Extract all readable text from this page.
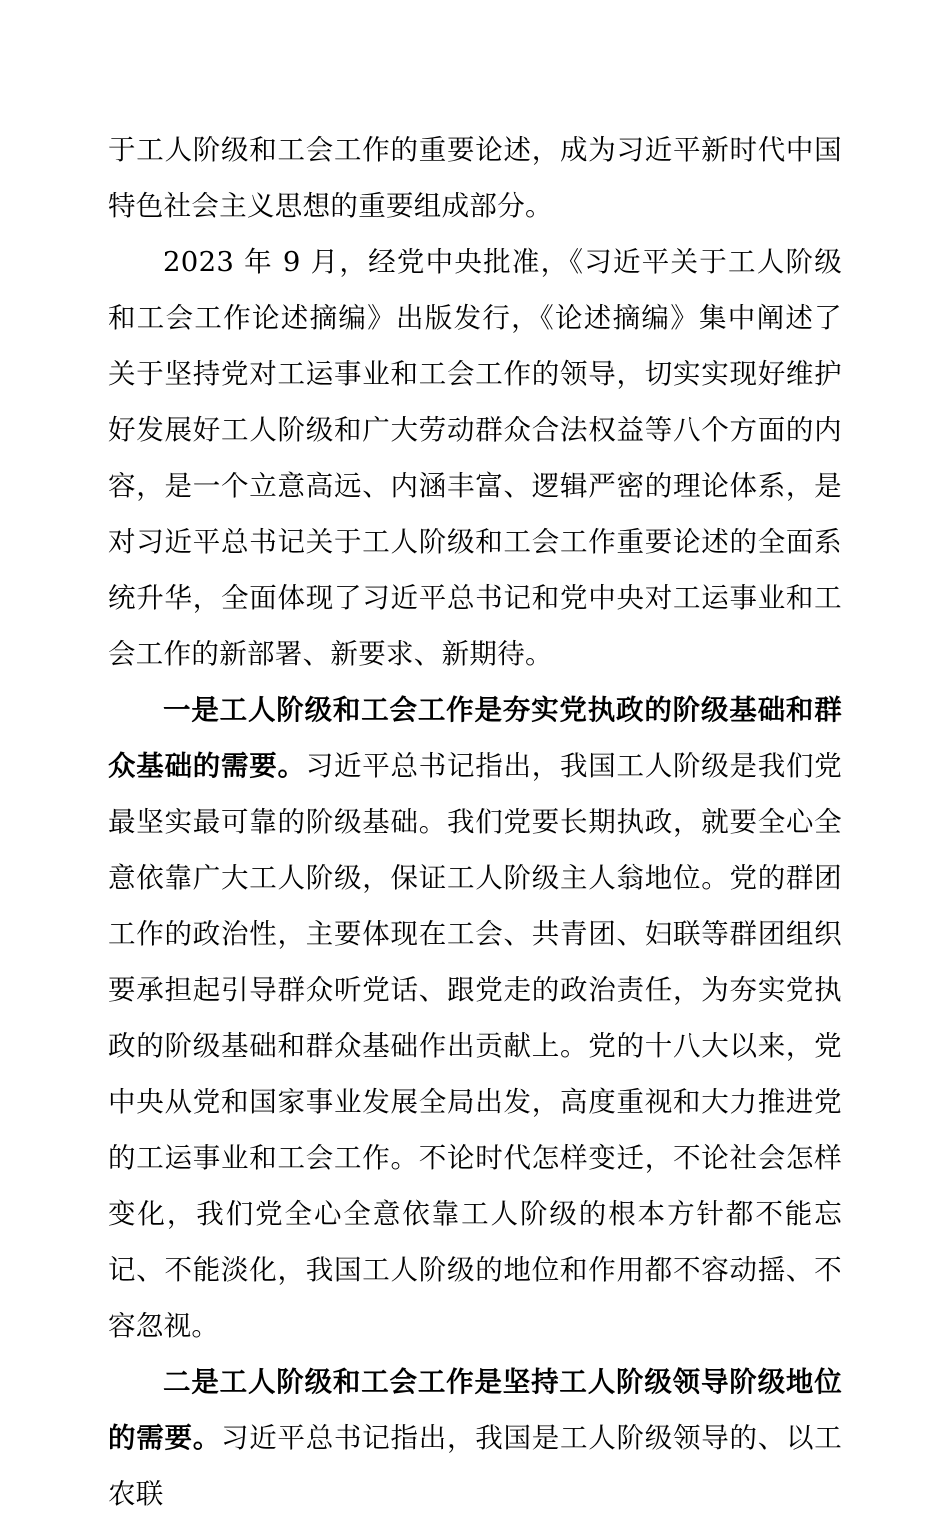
于工人阶级和工会工作的重要论述，成为习近平新时代中国特色社会主义思想的重要组成部分。

2023 年 9 月，经党中央批准，《习近平关于工人阶级和工会工作论述摘编》出版发行，《论述摘编》集中阐述了关于坚持党对工运事业和工会工作的领导，切实实现好维护好发展好工人阶级和广大劳动群众合法权益等八个方面的内容，是一个立意高远、内涵丰富、逻辑严密的理论体系，是对习近平总书记关于工人阶级和工会工作重要论述的全面系统升华，全面体现了习近平总书记和党中央对工运事业和工会工作的新部署、新要求、新期待。

一是工人阶级和工会工作是夯实党执政的阶级基础和群众基础的需要。习近平总书记指出，我国工人阶级是我们党最坚实最可靠的阶级基础。我们党要长期执政，就要全心全意依靠广大工人阶级，保证工人阶级主人翁地位。党的群团工作的政治性，主要体现在工会、共青团、妇联等群团组织要承担起引导群众听党话、跟党走的政治责任，为夯实党执政的阶级基础和群众基础作出贡献上。党的十八大以来，党中央从党和国家事业发展全局出发，高度重视和大力推进党的工运事业和工会工作。不论时代怎样变迁，不论社会怎样变化，我们党全心全意依靠工人阶级的根本方针都不能忘记、不能淡化，我国工人阶级的地位和作用都不容动摇、不容忽视。

二是工人阶级和工会工作是坚持工人阶级领导阶级地位的需要。习近平总书记指出，我国是工人阶级领导的、以工农联
